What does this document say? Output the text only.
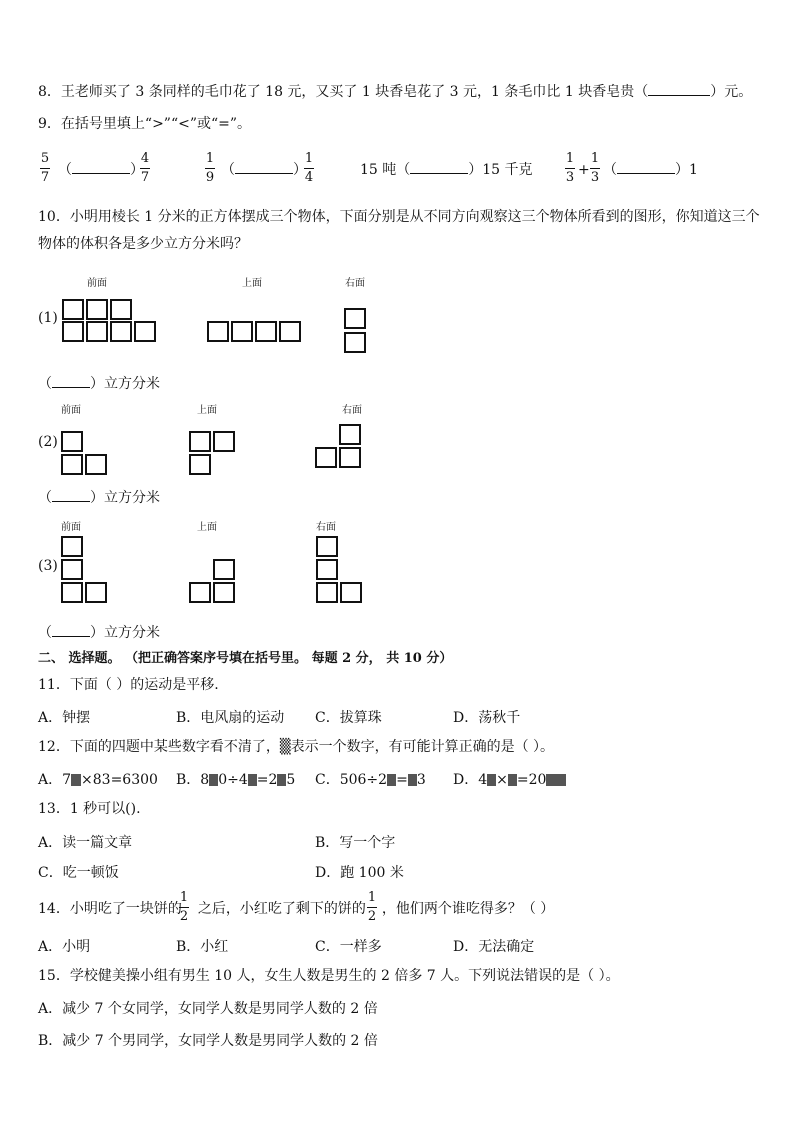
8．王老师买了 3 条同样的毛巾花了 18 元，又买了 1 块香皂花了 3 元，1 条毛巾比 1 块香皂贵（	）元。
9．在括号里填上“>”“<”或“=”。
5
7 （	）
4
7
1
9 （	）
1
4	15 吨（	）15 千克
1
3 +
1
3 （	）1
10．小明用棱长 1 分米的正方体摆成三个物体，下面分别是从不同方向观察这三个物体所看到的图形，你知道这三个
物体的体积各是多少立方分米吗？
前面	上面	右面
(1)
（	）立方分米
前面	上面	右面
(2)
（	）立方分米
前面	上面	右面
(3)
（	）立方分米
二、 选择题。 （把正确答案序号填在括号里。 每题 2 分， 共 10 分）
11．下面（ ）的运动是平移.
A．钟摆	B．电风扇的运动 C．拔算珠	D．荡秋千
12．下面的四题中某些数字看不清了，▒表示一个数字，有可能计算正确的是（ ）。
A．7 ×83=6300 B．8 0÷4 =2 5 C．506÷2 = 3 D．4 × =20
13．1 秒可以().
A．读一篇文章	B．写一个字
C．吃一顿饭	D．跑 100 米
14．小明吃了一块饼的 之后，小红吃了剩下的饼的 ，他们两个谁吃得多？（ ）
1
2
1
2
A．小明	B．小红	C．一样多	D．无法确定
15．学校健美操小组有男生 10 人，女生人数是男生的 2 倍多 7 人。下列说法错误的是（ ）。
A．减少 7 个女同学，女同学人数是男同学人数的 2 倍
B．减少 7 个男同学，女同学人数是男同学人数的 2 倍
